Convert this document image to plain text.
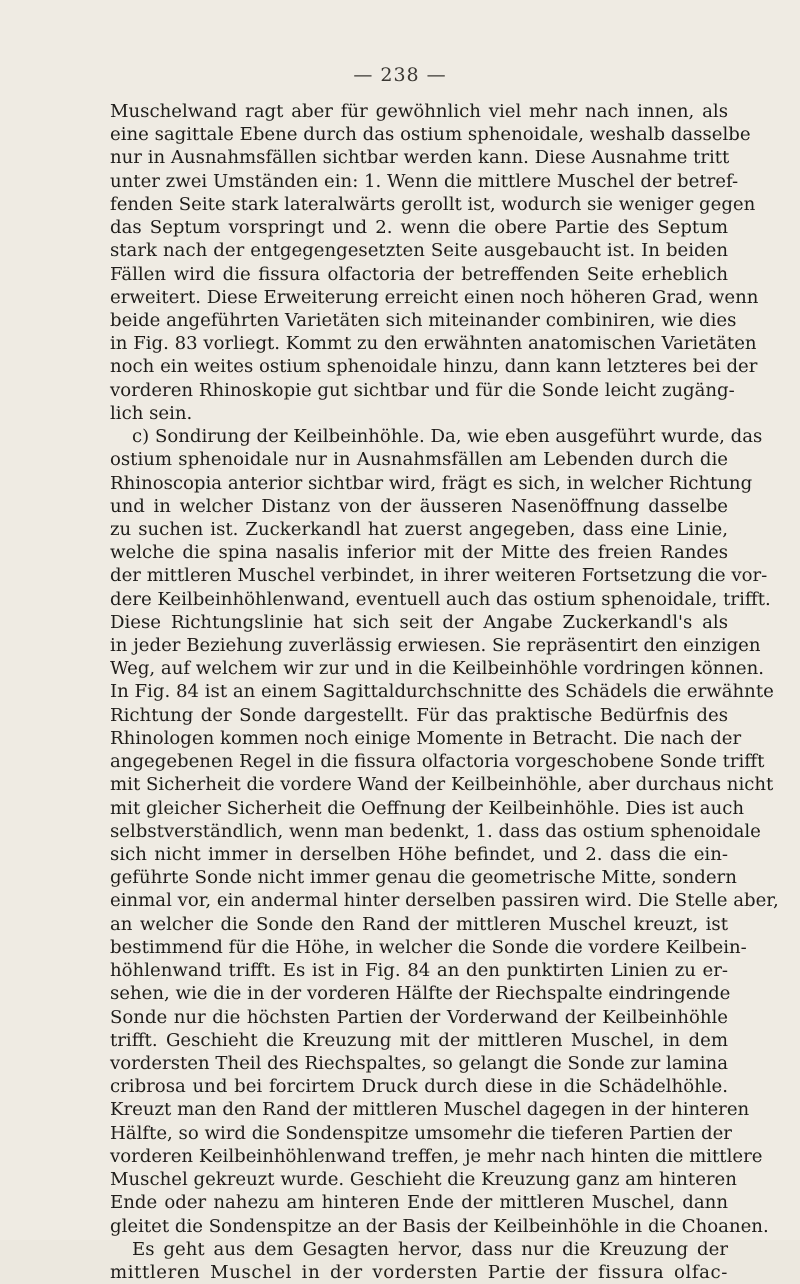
— 238 —
Muschelwand ragt aber für gewöhnlich viel mehr nach innen, als
eine sagittale Ebene durch das ostium sphenoidale, weshalb dasselbe
nur in Ausnahmsfällen sichtbar werden kann. Diese Ausnahme tritt
unter zwei Umständen ein: 1. Wenn die mittlere Muschel der betref-
fenden Seite stark lateralwärts gerollt ist, wodurch sie weniger gegen
das Septum vorspringt und 2. wenn die obere Partie des Septum
stark nach der entgegengesetzten Seite ausgebaucht ist. In beiden
Fällen wird die fissura olfactoria der betreffenden Seite erheblich
erweitert. Diese Erweiterung erreicht einen noch höheren Grad, wenn
beide angeführten Varietäten sich miteinander combiniren, wie dies
in Fig. 83 vorliegt. Kommt zu den erwähnten anatomischen Varietäten
noch ein weites ostium sphenoidale hinzu, dann kann letzteres bei der
vorderen Rhinoskopie gut sichtbar und für die Sonde leicht zugäng-
lich sein.
c) Sondirung der Keilbeinhöhle. Da, wie eben ausgeführt wurde, das
ostium sphenoidale nur in Ausnahmsfällen am Lebenden durch die
Rhinoscopia anterior sichtbar wird, frägt es sich, in welcher Richtung
und in welcher Distanz von der äusseren Nasenöffnung dasselbe
zu suchen ist. Zuckerkandl hat zuerst angegeben, dass eine Linie,
welche die spina nasalis inferior mit der Mitte des freien Randes
der mittleren Muschel verbindet, in ihrer weiteren Fortsetzung die vor-
dere Keilbeinhöhlenwand, eventuell auch das ostium sphenoidale, trifft.
Diese Richtungslinie hat sich seit der Angabe Zuckerkandl's als
in jeder Beziehung zuverlässig erwiesen. Sie repräsentirt den einzigen
Weg, auf welchem wir zur und in die Keilbeinhöhle vordringen können.
In Fig. 84 ist an einem Sagittaldurchschnitte des Schädels die erwähnte
Richtung der Sonde dargestellt. Für das praktische Bedürfnis des
Rhinologen kommen noch einige Momente in Betracht. Die nach der
angegebenen Regel in die fissura olfactoria vorgeschobene Sonde trifft
mit Sicherheit die vordere Wand der Keilbeinhöhle, aber durchaus nicht
mit gleicher Sicherheit die Oeffnung der Keilbeinhöhle. Dies ist auch
selbstverständlich, wenn man bedenkt, 1. dass das ostium sphenoidale
sich nicht immer in derselben Höhe befindet, und 2. dass die ein-
geführte Sonde nicht immer genau die geometrische Mitte, sondern
einmal vor, ein andermal hinter derselben passiren wird. Die Stelle aber,
an welcher die Sonde den Rand der mittleren Muschel kreuzt, ist
bestimmend für die Höhe, in welcher die Sonde die vordere Keilbein-
höhlenwand trifft. Es ist in Fig. 84 an den punktirten Linien zu er-
sehen, wie die in der vorderen Hälfte der Riechspalte eindringende
Sonde nur die höchsten Partien der Vorderwand der Keilbeinhöhle
trifft. Geschieht die Kreuzung mit der mittleren Muschel, in dem
vordersten Theil des Riechspaltes, so gelangt die Sonde zur lamina
cribrosa und bei forcirtem Druck durch diese in die Schädelhöhle.
Kreuzt man den Rand der mittleren Muschel dagegen in der hinteren
Hälfte, so wird die Sondenspitze umsomehr die tieferen Partien der
vorderen Keilbeinhöhlenwand treffen, je mehr nach hinten die mittlere
Muschel gekreuzt wurde. Geschieht die Kreuzung ganz am hinteren
Ende oder nahezu am hinteren Ende der mittleren Muschel, dann
gleitet die Sondenspitze an der Basis der Keilbeinhöhle in die Choanen.
Es geht aus dem Gesagten hervor, dass nur die Kreuzung der
mittleren Muschel in der vordersten Partie der fissura olfac-
